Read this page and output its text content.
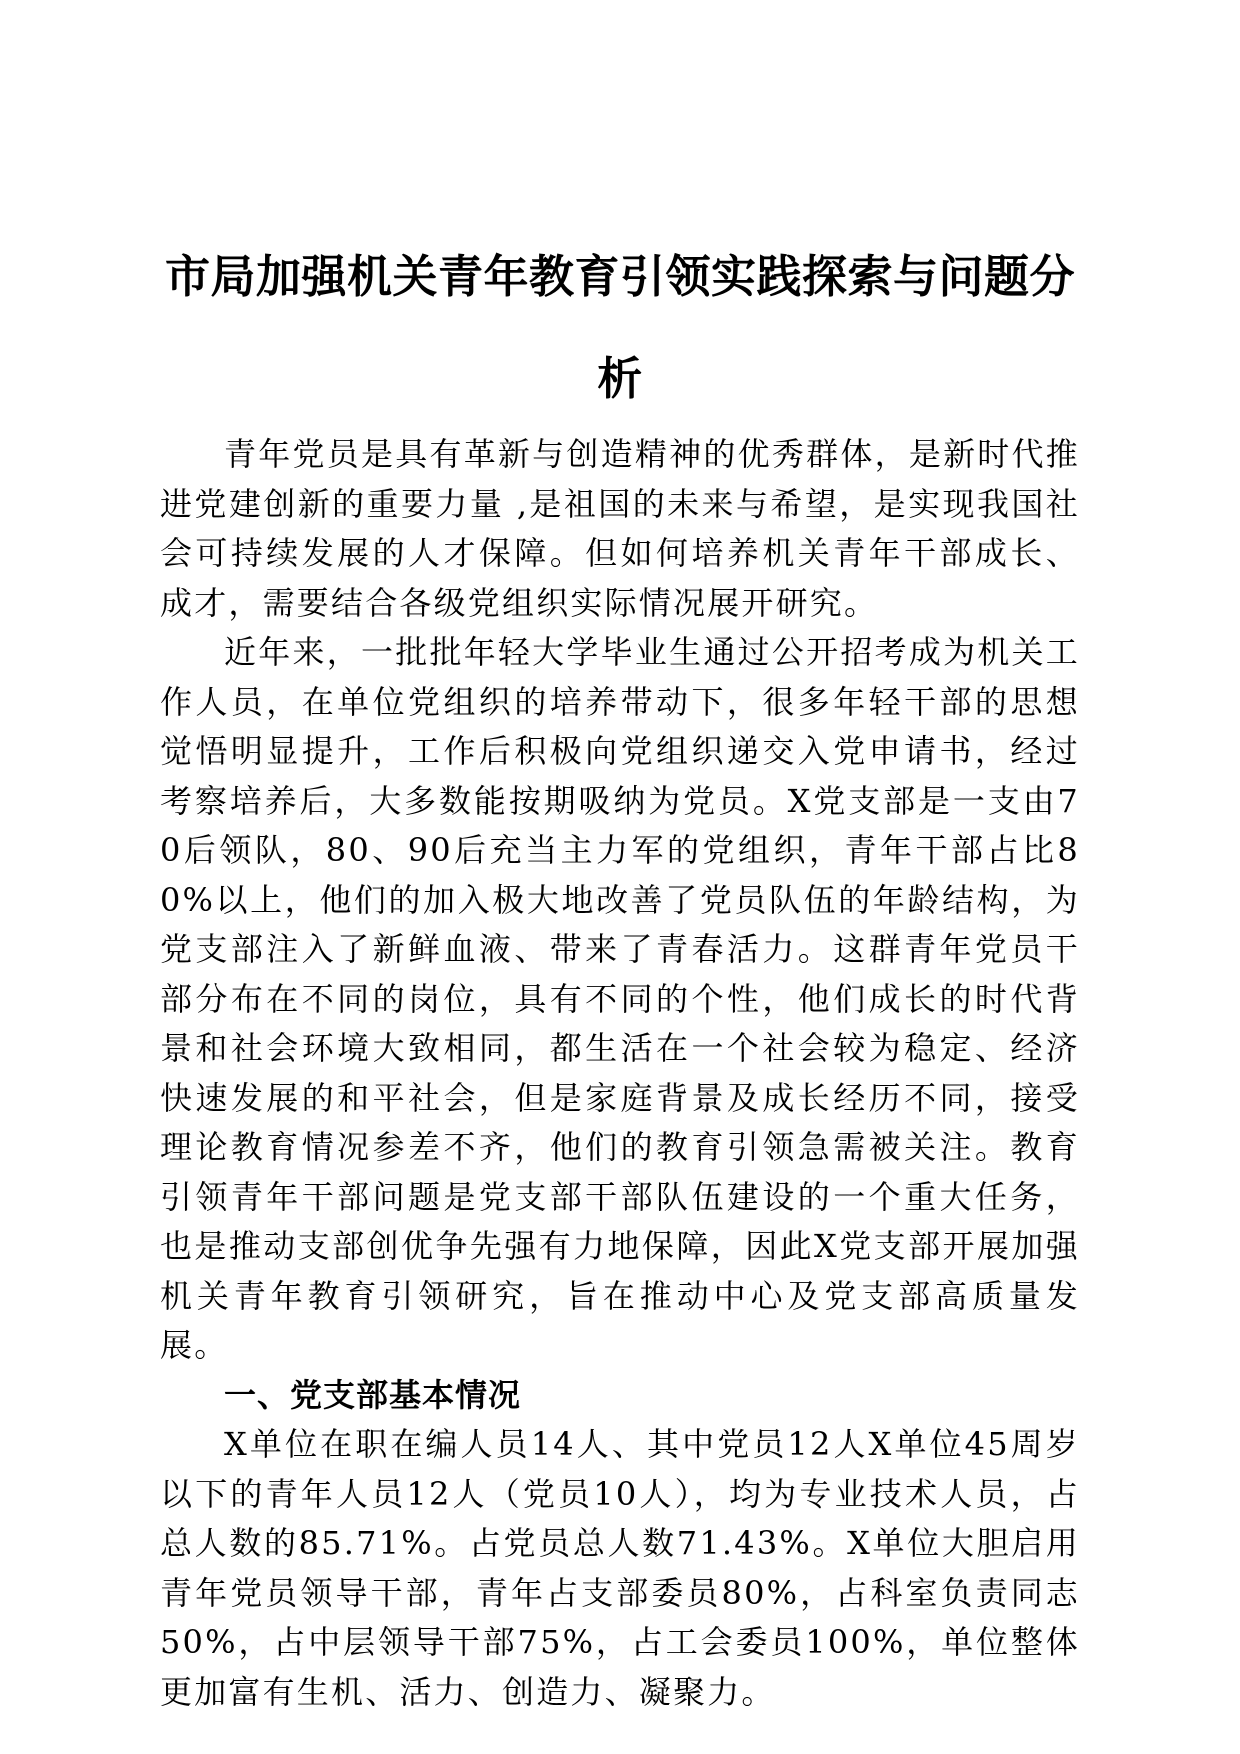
市局加强机关青年教育引领实践探索与问题分析

青年党员是具有革新与创造精神的优秀群体，是新时代推进党建创新的重要力量 ,是祖国的未来与希望，是实现我国社会可持续发展的人才保障。但如何培养机关青年干部成长、成才，需要结合各级党组织实际情况展开研究。

近年来，一批批年轻大学毕业生通过公开招考成为机关工作人员，在单位党组织的培养带动下，很多年轻干部的思想觉悟明显提升，工作后积极向党组织递交入党申请书，经过考察培养后，大多数能按期吸纳为党员。X党支部是一支由70后领队，80、90后充当主力军的党组织，青年干部占比80%以上，他们的加入极大地改善了党员队伍的年龄结构，为党支部注入了新鲜血液、带来了青春活力。这群青年党员干部分布在不同的岗位，具有不同的个性，他们成长的时代背景和社会环境大致相同，都生活在一个社会较为稳定、经济快速发展的和平社会，但是家庭背景及成长经历不同，接受理论教育情况参差不齐，他们的教育引领急需被关注。教育引领青年干部问题是党支部干部队伍建设的一个重大任务，也是推动支部创优争先强有力地保障，因此X党支部开展加强机关青年教育引领研究，旨在推动中心及党支部高质量发展。

一、党支部基本情况

X单位在职在编人员14人、其中党员12人X单位45周岁以下的青年人员12人（党员10人），均为专业技术人员，占总人数的85.71%。占党员总人数71.43%。X单位大胆启用青年党员领导干部，青年占支部委员80%，占科室负责同志50%，占中层领导干部75%，占工会委员100%，单位整体更加富有生机、活力、创造力、凝聚力。
